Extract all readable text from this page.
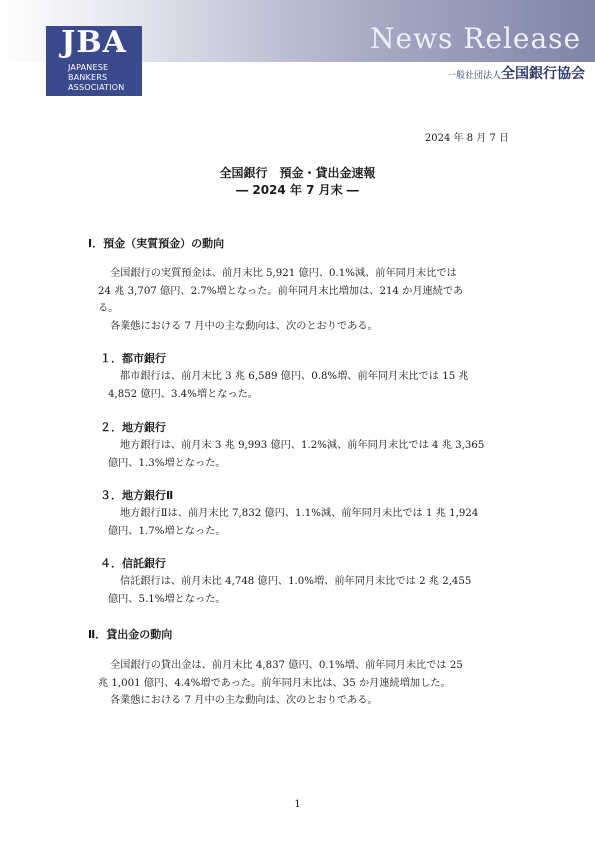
JBA
JAPANESE
BANKERS
ASSOCIATION
News Release
一般社団法人全国銀行協会
2024 年 8 月 7 日
全国銀行　預金・貸出金速報
― 2024 年 7 月末 ―
Ⅰ．預金（実質預金）の動向
全国銀行の実質預金は、前月末比 5,921 億円、0.1%減、前年同月末比では
24 兆 3,707 億円、2.7%増となった。前年同月末比増加は、214 か月連続であ
る。
各業態における 7 月中の主な動向は、次のとおりである。
１．都市銀行
都市銀行は、前月末比 3 兆 6,589 億円、0.8%増、前年同月末比では 15 兆
4,852 億円、3.4%増となった。
２．地方銀行
地方銀行は、前月末 3 兆 9,993 億円、1.2%減、前年同月末比では 4 兆 3,365
億円、1.3%増となった。
３．地方銀行Ⅱ
地方銀行Ⅱは、前月末比 7,832 億円、1.1%減、前年同月末比では 1 兆 1,924
億円、1.7%増となった。
４．信託銀行
信託銀行は、前月末比 4,748 億円、1.0%増、前年同月末比では 2 兆 2,455
億円、5.1%増となった。
Ⅱ．貸出金の動向
全国銀行の貸出金は、前月末比 4,837 億円、0.1%増、前年同月末比では 25
兆 1,001 億円、4.4%増であった。前年同月末比は、35 か月連続増加した。
各業態における 7 月中の主な動向は、次のとおりである。
1
